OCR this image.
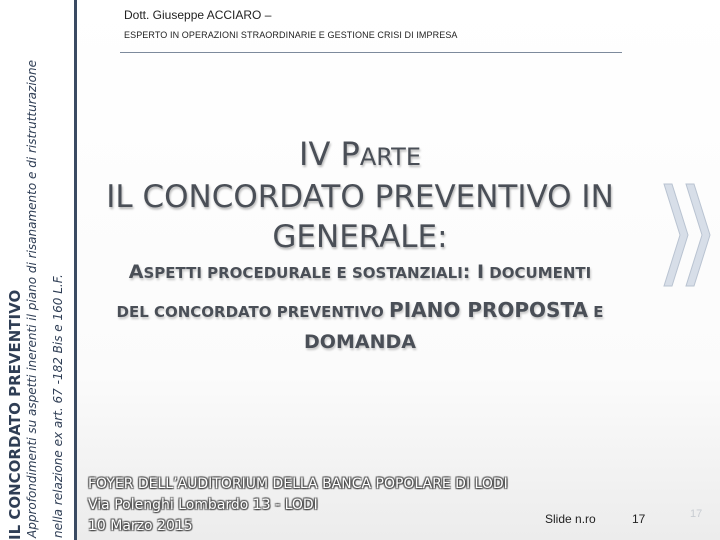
IL CONCORDATO PREVENTIVO Approfondimenti su aspetti inerenti il piano di risanamento e di ristrutturazione nella relazione ex art. 67 -182 Bis e 160 L.F.
Dott. Giuseppe ACCIARO –
ESPERTO IN OPERAZIONI STRAORDINARIE E GESTIONE CRISI DI IMPRESA
IV PARTE
IL CONCORDATO PREVENTIVO IN
GENERALE:
ASPETTI PROCEDURALE E SOSTANZIALI: I DOCUMENTI
DEL CONCORDATO PREVENTIVO PIANO PROPOSTA E
DOMANDA
FOYER DELL’AUDITORIUM DELLA BANCA POPOLARE DI LODI
Via Polenghi Lombardo 13 - LODI
10 Marzo 2015	Slide n.ro	17	17
